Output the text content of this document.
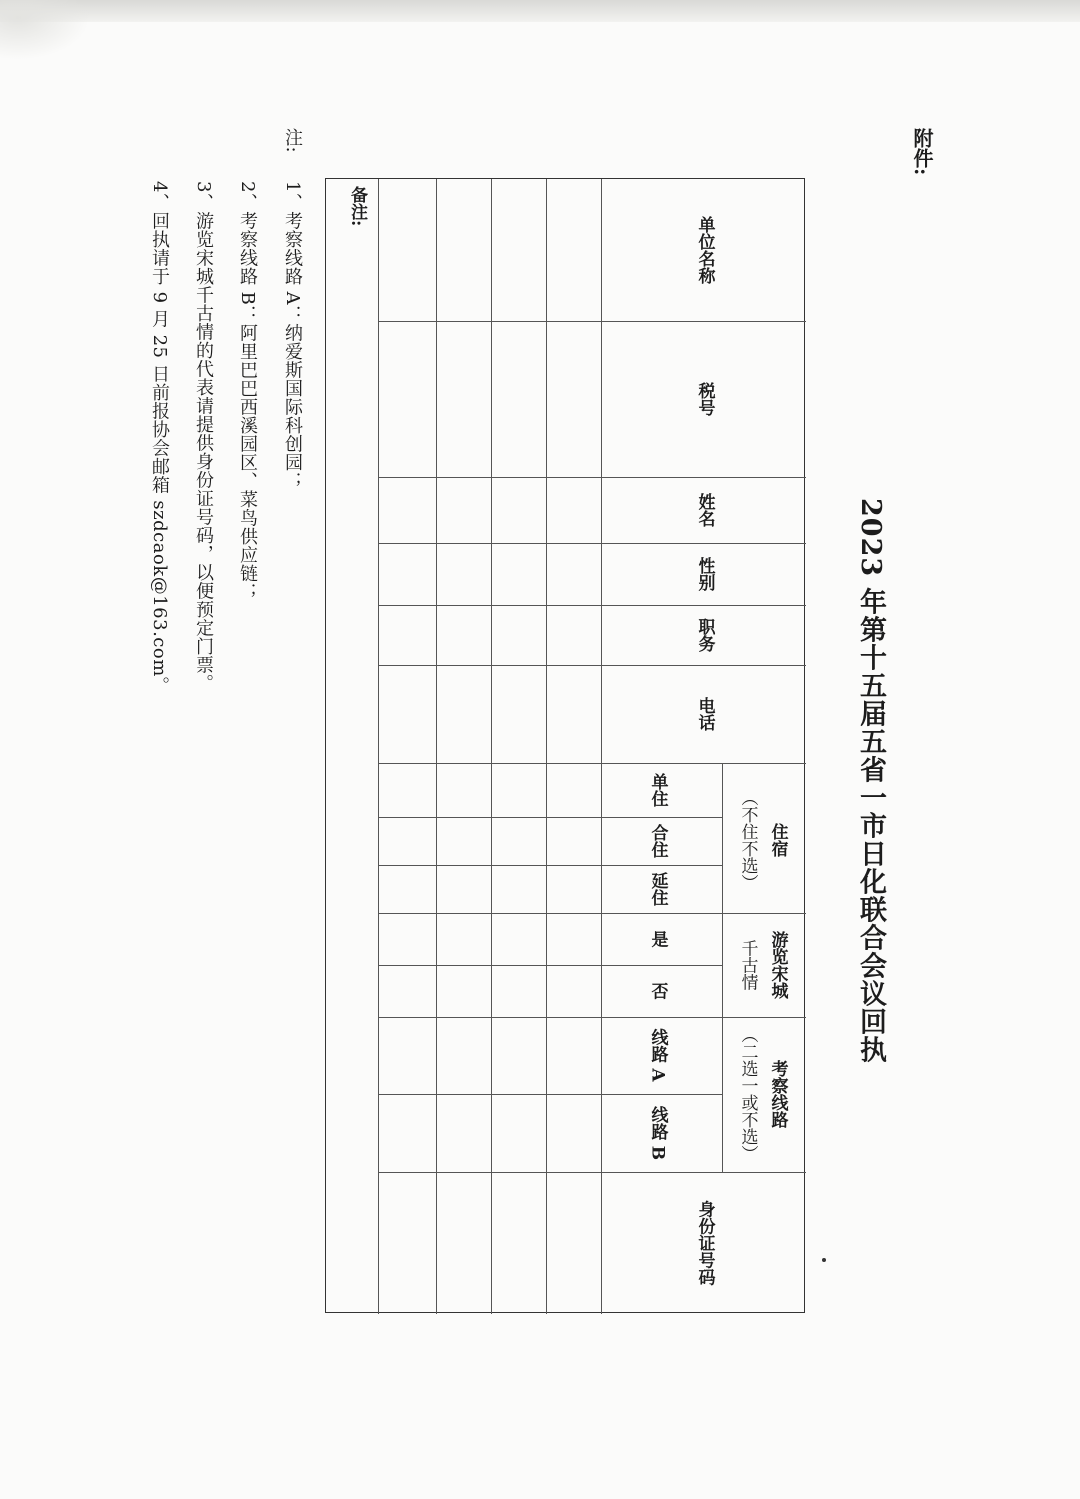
附件:
2023 年第十五届五省一市日化联合会议回执
单位名称
税号
姓名
性别
职务
电话
住宿
（不住不选）
单住
合住
延住
游览宋城
千古情
是
否
考察线路
（二选一或不选）
线路 A
线路 B
身份证号码
备注:
注:
1、考察线路 A：纳爱斯国际科创园；
2、考察线路 B：阿里巴巴西溪园区、菜鸟供应链；
3、游览宋城千古情的代表请提供身份证号码，以便预定门票。
4、回执请于 9 月 25 日前报协会邮箱 szdcaok@163.com。
